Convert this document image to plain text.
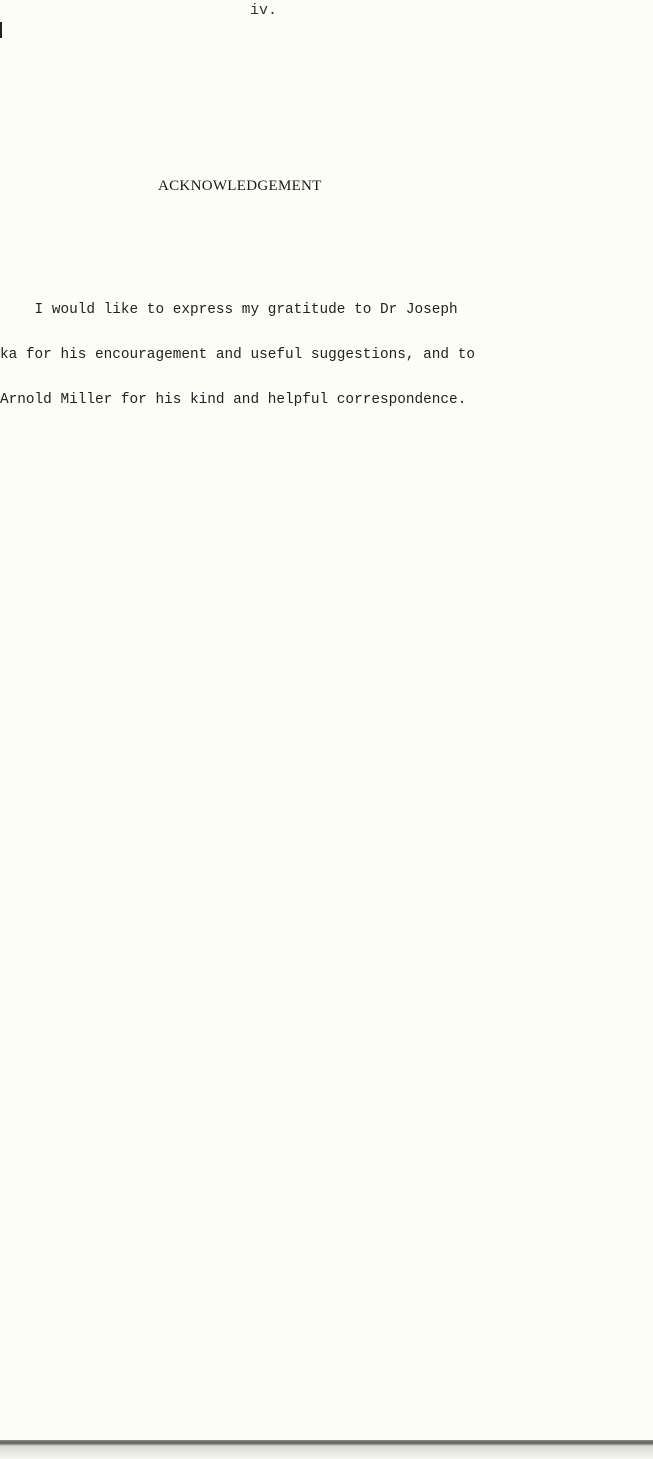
iv.
ACKNOWLEDGEMENT
I would like to express my gratitude to Dr Joseph
ka for his encouragement and useful suggestions, and to
Arnold Miller for his kind and helpful correspondence.
